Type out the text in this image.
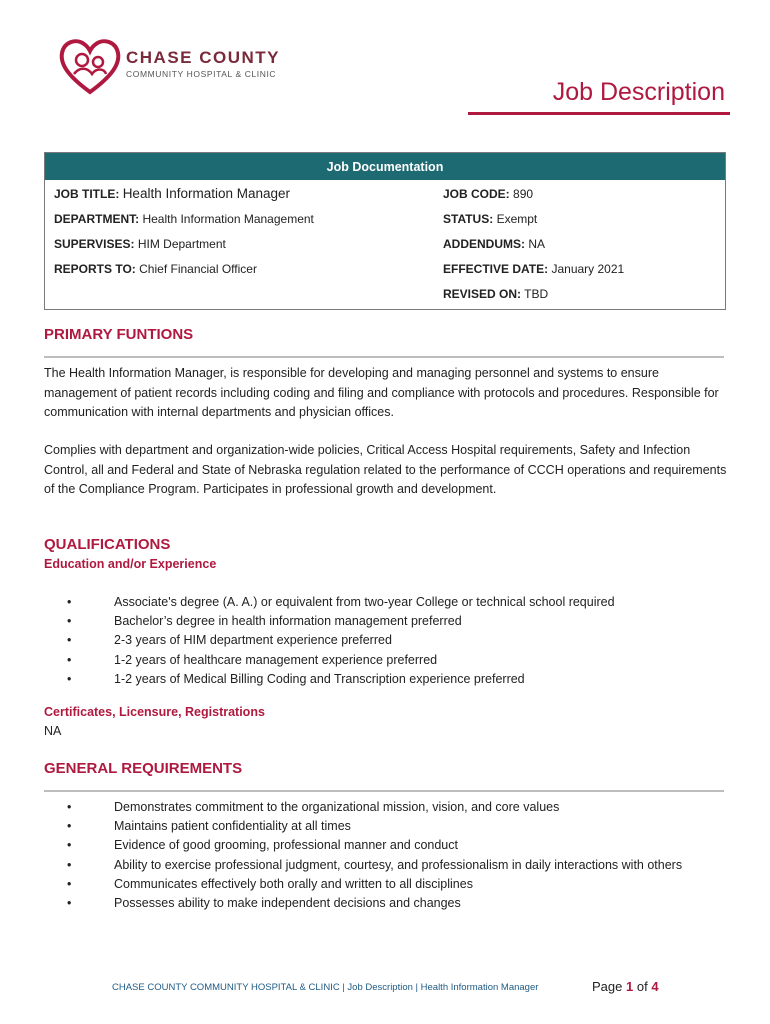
CHASE COUNTY
COMMUNITY HOSPITAL & CLINIC
Job Description
Job Documentation
JOB TITLE: Health Information Manager
DEPARTMENT: Health Information Management
SUPERVISES: HIM Department
REPORTS TO: Chief Financial Officer
JOB CODE: 890
STATUS: Exempt
ADDENDUMS: NA
EFFECTIVE DATE: January 2021
REVISED ON: TBD
PRIMARY FUNTIONS

The Health Information Manager, is responsible for developing and managing personnel and systems to ensure management of patient records including coding and filing and compliance with protocols and procedures. Responsible for communication with internal departments and physician offices.

Complies with department and organization-wide policies, Critical Access Hospital requirements, Safety and Infection Control, all and Federal and State of Nebraska regulation related to the performance of CCCH operations and requirements of the Compliance Program. Participates in professional growth and development.

QUALIFICATIONS
Education and/or Experience
•	Associate's degree (A. A.) or equivalent from two-year College or technical school required
•	Bachelor’s degree in health information management preferred
•	2-3 years of HIM department experience preferred
•	1-2 years of healthcare management experience preferred
•	1-2 years of Medical Billing Coding and Transcription experience preferred
Certificates, Licensure, Registrations
NA
GENERAL REQUIREMENTS
•	Demonstrates commitment to the organizational mission, vision, and core values
•	Maintains patient confidentiality at all times
•	Evidence of good grooming, professional manner and conduct
•	Ability to exercise professional judgment, courtesy, and professionalism in daily interactions with others
•	Communicates effectively both orally and written to all disciplines
•	Possesses ability to make independent decisions and changes
CHASE COUNTY COMMUNITY HOSPITAL & CLINIC | Job Description | Health Information Manager	Page 1 of 4
